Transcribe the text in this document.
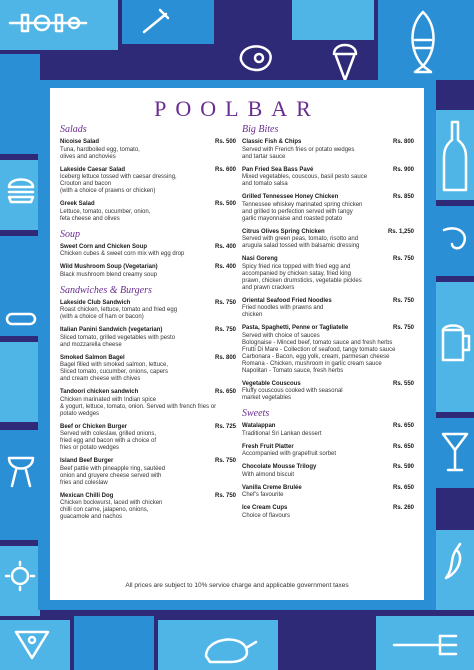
POOLBAR
Salads
Nicoise Salad	Rs. 500
Tuna, hardboiled egg, tomato,
olives and anchovies
Lakeside Caesar Salad	Rs. 600
Iceberg lettuce tossed with caesar dressing,
Crouton and bacon
(with a choice of prawns or chicken)
Greek Salad	Rs. 500
Lettuce, tomato, cucumber, onion,
feta cheese and olives
Soup
Sweet Corn and Chicken Soup	Rs. 400
Chicken cubes & sweet corn mix with egg drop
Wild Mushroom Soup (Vegetarian)	Rs. 400
Black mushroom blend creamy soup
Sandwiches & Burgers
Lakeside Club Sandwich	Rs. 750
Roast chicken, lettuce, tomato and fried egg
(with a choice of ham or bacon)
Italian Panini Sandwich (vegetarian)	Rs. 750
Sliced tomato, grilled vegetables with pesto
and mozzarella cheese
Smoked Salmon Bagel	Rs. 800
Bagel filled with smoked salmon, lettuce,
Sliced tomato, cucumber, onions, capers
and cream cheese with chives
Tandoori chicken sandwich	Rs. 650
Chicken marinated with Indian spice
& yogurt, lettuce, tomato, onion. Served with french fries or
potato wedges
Beef or Chicken Burger	Rs. 725
Served with coleslaw, grilled onions,
fried egg and bacon with a choice of
fries or potato wedges
Island Beef Burger	Rs. 750
Beef pattie with pineapple ring, sautéed
onion and gruyere cheese served with
fries and coleslaw
Mexican Chilli Dog	Rs. 750
Chicken bockwurst, laced with chicken
chilli con carne, jalapeno, onions,
guacamole and nachos
Big Bites
Classic Fish & Chips	Rs. 800
Served with French fries or potato wedges
and tartar sauce
Pan Fried Sea Bass Pavé	Rs. 900
Mixed vegetables, couscous, basil pesto sauce
and tomato salsa
Grilled Tennessee Honey Chicken	Rs. 850
Tennessee whiskey marinated spring chicken
and grilled to perfection served with tangy
garlic mayonnaise and roasted potato
Citrus Olives Spring Chicken	Rs. 1,250
Served with green peas, tomato, risotto and
arugula salad tossed with balsamic dressing
Nasi Goreng	Rs. 750
Spicy fried rice topped with fried egg and
accompanied by chicken satay, fried king
prawn, chicken drumsticks, vegetable pickles
and prawn crackers
Oriental Seafood Fried Noodles	Rs. 750
Fried noodles with prawns and
chicken
Pasta, Spaghetti, Penne or Tagliatelle	Rs. 750
Served with choice of sauces
Bolognaise - Minced beef, tomato sauce and fresh herbs
Frutti Di Mare - Collection of seafood, tangy tomato sauce
Carbonara - Bacon, egg yolk, cream, parmesan cheese
Romana - Chicken, mushroom in garlic cream sauce
Napolitan - Tomato sauce, fresh herbs
Vegetable Couscous	Rs. 550
Fluffy couscous cooked with seasonal
market vegetables
Sweets
Watalappan	Rs. 650
Traditional Sri Lankan dessert
Fresh Fruit Platter	Rs. 650
Accompanied with grapefruit sorbet
Chocolate Mousse Trilogy	Rs. 590
With almond biscuit
Vanilla Creme Brulée	Rs. 650
Chef's favourite
Ice Cream Cups	Rs. 260
Choice of flavours
All prices are subject to 10% service charge and applicable government taxes
